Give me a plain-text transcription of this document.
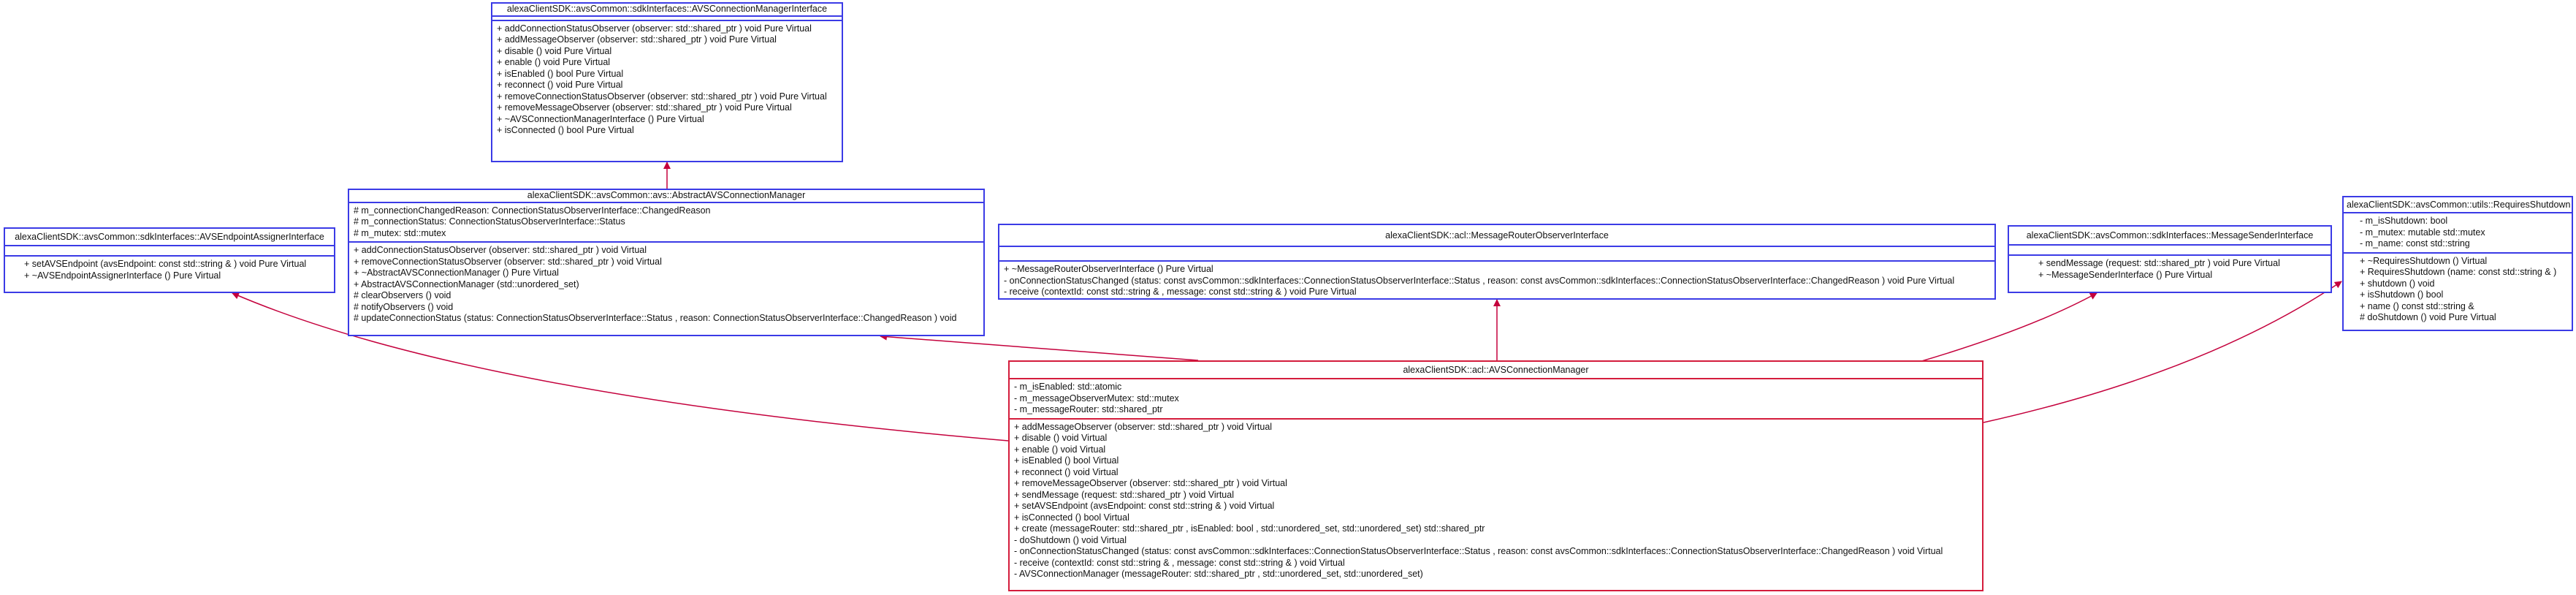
alexaClientSDK::avsCommon::sdkInterfaces::AVSConnectionManagerInterface
+ addConnectionStatusObserver (observer: std::shared_ptr ) void Pure Virtual
+ addMessageObserver (observer: std::shared_ptr ) void Pure Virtual
+ disable () void Pure Virtual
+ enable () void Pure Virtual
+ isEnabled () bool Pure Virtual
+ reconnect () void Pure Virtual
+ removeConnectionStatusObserver (observer: std::shared_ptr ) void Pure Virtual
+ removeMessageObserver (observer: std::shared_ptr ) void Pure Virtual
+ ~AVSConnectionManagerInterface () Pure Virtual
+ isConnected () bool Pure Virtual
alexaClientSDK::avsCommon::avs::AbstractAVSConnectionManager
# m_connectionChangedReason: ConnectionStatusObserverInterface::ChangedReason
# m_connectionStatus: ConnectionStatusObserverInterface::Status
# m_mutex: std::mutex
+ addConnectionStatusObserver (observer: std::shared_ptr ) void Virtual
+ removeConnectionStatusObserver (observer: std::shared_ptr ) void Virtual
+ ~AbstractAVSConnectionManager () Pure Virtual
+ AbstractAVSConnectionManager (std::unordered_set)
# clearObservers () void
# notifyObservers () void
# updateConnectionStatus (status: ConnectionStatusObserverInterface::Status , reason: ConnectionStatusObserverInterface::ChangedReason ) void
alexaClientSDK::avsCommon::sdkInterfaces::AVSEndpointAssignerInterface
+ setAVSEndpoint (avsEndpoint: const std::string & ) void Pure Virtual
+ ~AVSEndpointAssignerInterface () Pure Virtual
alexaClientSDK::acl::MessageRouterObserverInterface
+ ~MessageRouterObserverInterface () Pure Virtual
- onConnectionStatusChanged (status: const avsCommon::sdkInterfaces::ConnectionStatusObserverInterface::Status , reason: const avsCommon::sdkInterfaces::ConnectionStatusObserverInterface::ChangedReason ) void Pure Virtual
- receive (contextId: const std::string & , message: const std::string & ) void Pure Virtual
alexaClientSDK::avsCommon::sdkInterfaces::MessageSenderInterface
+ sendMessage (request: std::shared_ptr ) void Pure Virtual
+ ~MessageSenderInterface () Pure Virtual
alexaClientSDK::avsCommon::utils::RequiresShutdown
- m_isShutdown: bool
- m_mutex: mutable std::mutex
- m_name: const std::string
+ ~RequiresShutdown () Virtual
+ RequiresShutdown (name: const std::string & )
+ shutdown () void
+ isShutdown () bool
+ name () const std::string &
# doShutdown () void Pure Virtual
alexaClientSDK::acl::AVSConnectionManager
- m_isEnabled: std::atomic
- m_messageObserverMutex: std::mutex
- m_messageRouter: std::shared_ptr
+ addMessageObserver (observer: std::shared_ptr ) void Virtual
+ disable () void Virtual
+ enable () void Virtual
+ isEnabled () bool Virtual
+ reconnect () void Virtual
+ removeMessageObserver (observer: std::shared_ptr ) void Virtual
+ sendMessage (request: std::shared_ptr ) void Virtual
+ setAVSEndpoint (avsEndpoint: const std::string & ) void Virtual
+ isConnected () bool Virtual
+ create (messageRouter: std::shared_ptr , isEnabled: bool , std::unordered_set, std::unordered_set) std::shared_ptr
- doShutdown () void Virtual
- onConnectionStatusChanged (status: const avsCommon::sdkInterfaces::ConnectionStatusObserverInterface::Status , reason: const avsCommon::sdkInterfaces::ConnectionStatusObserverInterface::ChangedReason ) void Virtual
- receive (contextId: const std::string & , message: const std::string & ) void Virtual
- AVSConnectionManager (messageRouter: std::shared_ptr , std::unordered_set, std::unordered_set)
